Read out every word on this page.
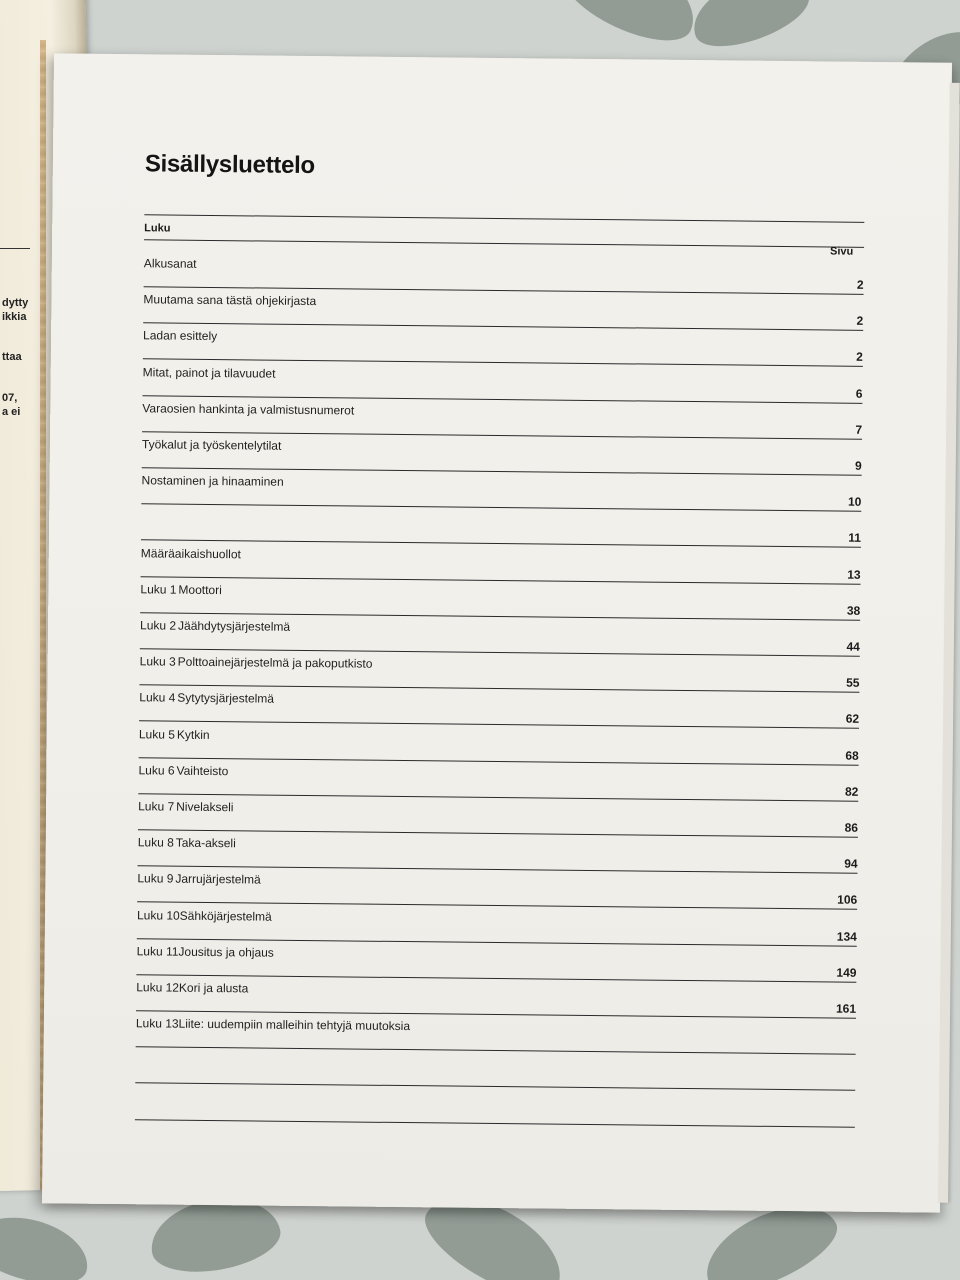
dytty
ikkia
ttaa
07,
a ei
Sisällysluettelo
Luku
Sivu
Alkusanat
2
Muutama sana tästä ohjekirjasta
2
Ladan esittely
2
Mitat, painot ja tilavuudet
6
Varaosien hankinta ja valmistusnumerot
7
Työkalut ja työskentelytilat
9
Nostaminen ja hinaaminen
10
11
Määräaikaishuollot
13
Luku 1 Moottori
38
Luku 2 Jäähdytysjärjestelmä
44
Luku 3 Polttoainejärjestelmä ja pakoputkisto
55
Luku 4 Sytytysjärjestelmä
62
Luku 5 Kytkin
68
Luku 6 Vaihteisto
82
Luku 7 Nivelakseli
86
Luku 8 Taka-akseli
94
Luku 9 Jarrujärjestelmä
106
Luku 10Sähköjärjestelmä
134
Luku 11Jousitus ja ohjaus
149
Luku 12Kori ja alusta
161
Luku 13Liite: uudempiin malleihin tehtyjä muutoksia
